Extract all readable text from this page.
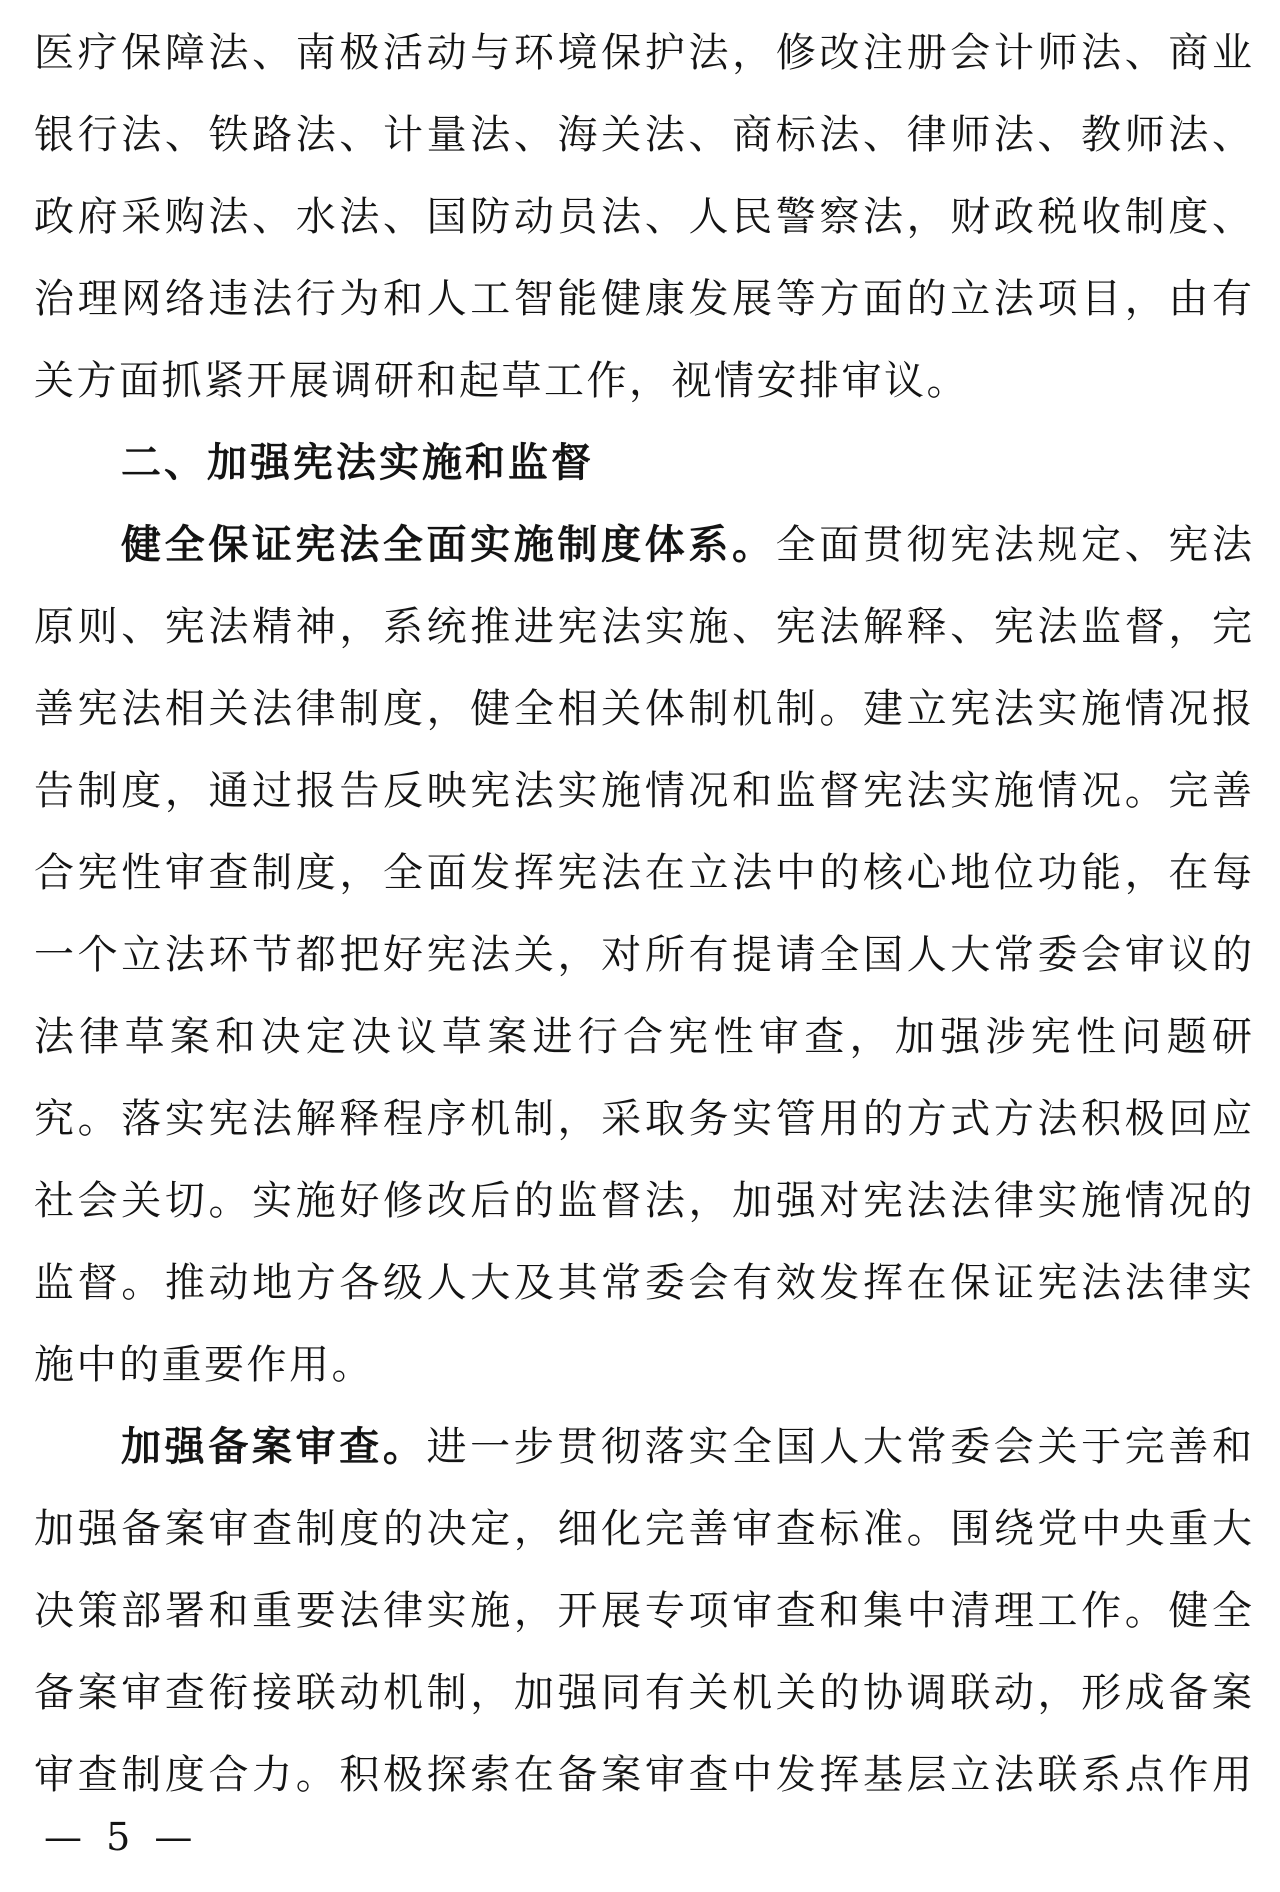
医疗保障法、南极活动与环境保护法，修改注册会计师法、商业
银行法、铁路法、计量法、海关法、商标法、律师法、教师法、
政府采购法、水法、国防动员法、人民警察法，财政税收制度、
治理网络违法行为和人工智能健康发展等方面的立法项目，由有
关方面抓紧开展调研和起草工作，视情安排审议。
二、加强宪法实施和监督
健全保证宪法全面实施制度体系。全面贯彻宪法规定、宪法
原则、宪法精神，系统推进宪法实施、宪法解释、宪法监督，完
善宪法相关法律制度，健全相关体制机制。建立宪法实施情况报
告制度，通过报告反映宪法实施情况和监督宪法实施情况。完善
合宪性审查制度，全面发挥宪法在立法中的核心地位功能，在每
一个立法环节都把好宪法关，对所有提请全国人大常委会审议的
法律草案和决定决议草案进行合宪性审查，加强涉宪性问题研
究。落实宪法解释程序机制，采取务实管用的方式方法积极回应
社会关切。实施好修改后的监督法，加强对宪法法律实施情况的
监督。推动地方各级人大及其常委会有效发挥在保证宪法法律实
施中的重要作用。
加强备案审查。进一步贯彻落实全国人大常委会关于完善和
加强备案审查制度的决定，细化完善审查标准。围绕党中央重大
决策部署和重要法律实施，开展专项审查和集中清理工作。健全
备案审查衔接联动机制，加强同有关机关的协调联动，形成备案
审查制度合力。积极探索在备案审查中发挥基层立法联系点作用
— 5 —
